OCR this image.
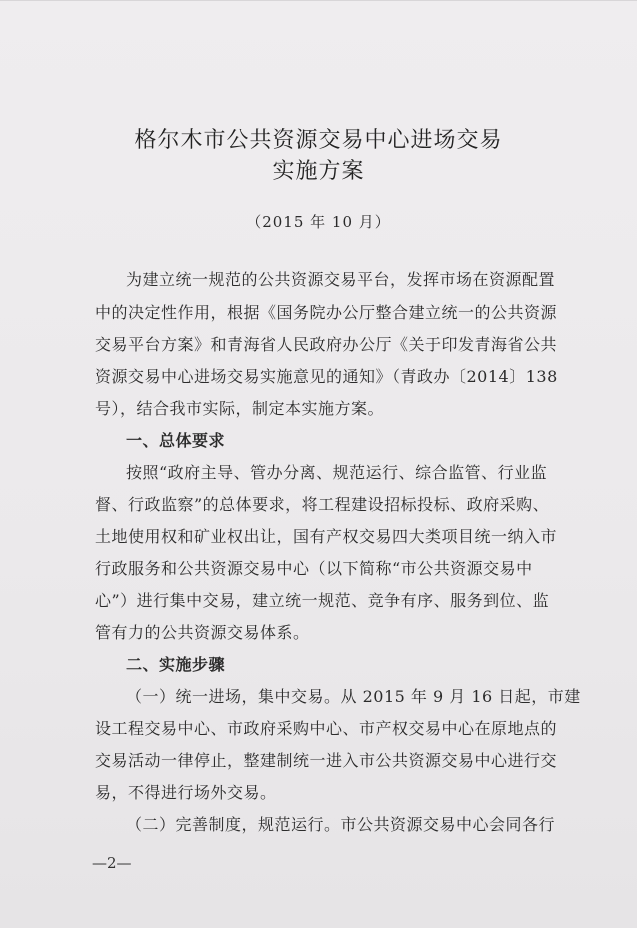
格尔木市公共资源交易中心进场交易
实施方案
（2015 年 10 月）
为建立统一规范的公共资源交易平台，发挥市场在资源配置
中的决定性作用，根据《国务院办公厅整合建立统一的公共资源
交易平台方案》和青海省人民政府办公厅《关于印发青海省公共
资源交易中心进场交易实施意见的通知》（青政办〔2014〕138
号），结合我市实际，制定本实施方案。
一、总体要求
按照“政府主导、管办分离、规范运行、综合监管、行业监
督、行政监察”的总体要求，将工程建设招标投标、政府采购、
土地使用权和矿业权出让，国有产权交易四大类项目统一纳入市
行政服务和公共资源交易中心（以下简称“市公共资源交易中
心”）进行集中交易，建立统一规范、竞争有序、服务到位、监
管有力的公共资源交易体系。
二、实施步骤
（一）统一进场，集中交易。从 2015 年 9 月 16 日起，市建
设工程交易中心、市政府采购中心、市产权交易中心在原地点的
交易活动一律停止，整建制统一进入市公共资源交易中心进行交
易，不得进行场外交易。
（二）完善制度，规范运行。市公共资源交易中心会同各行
—2—
